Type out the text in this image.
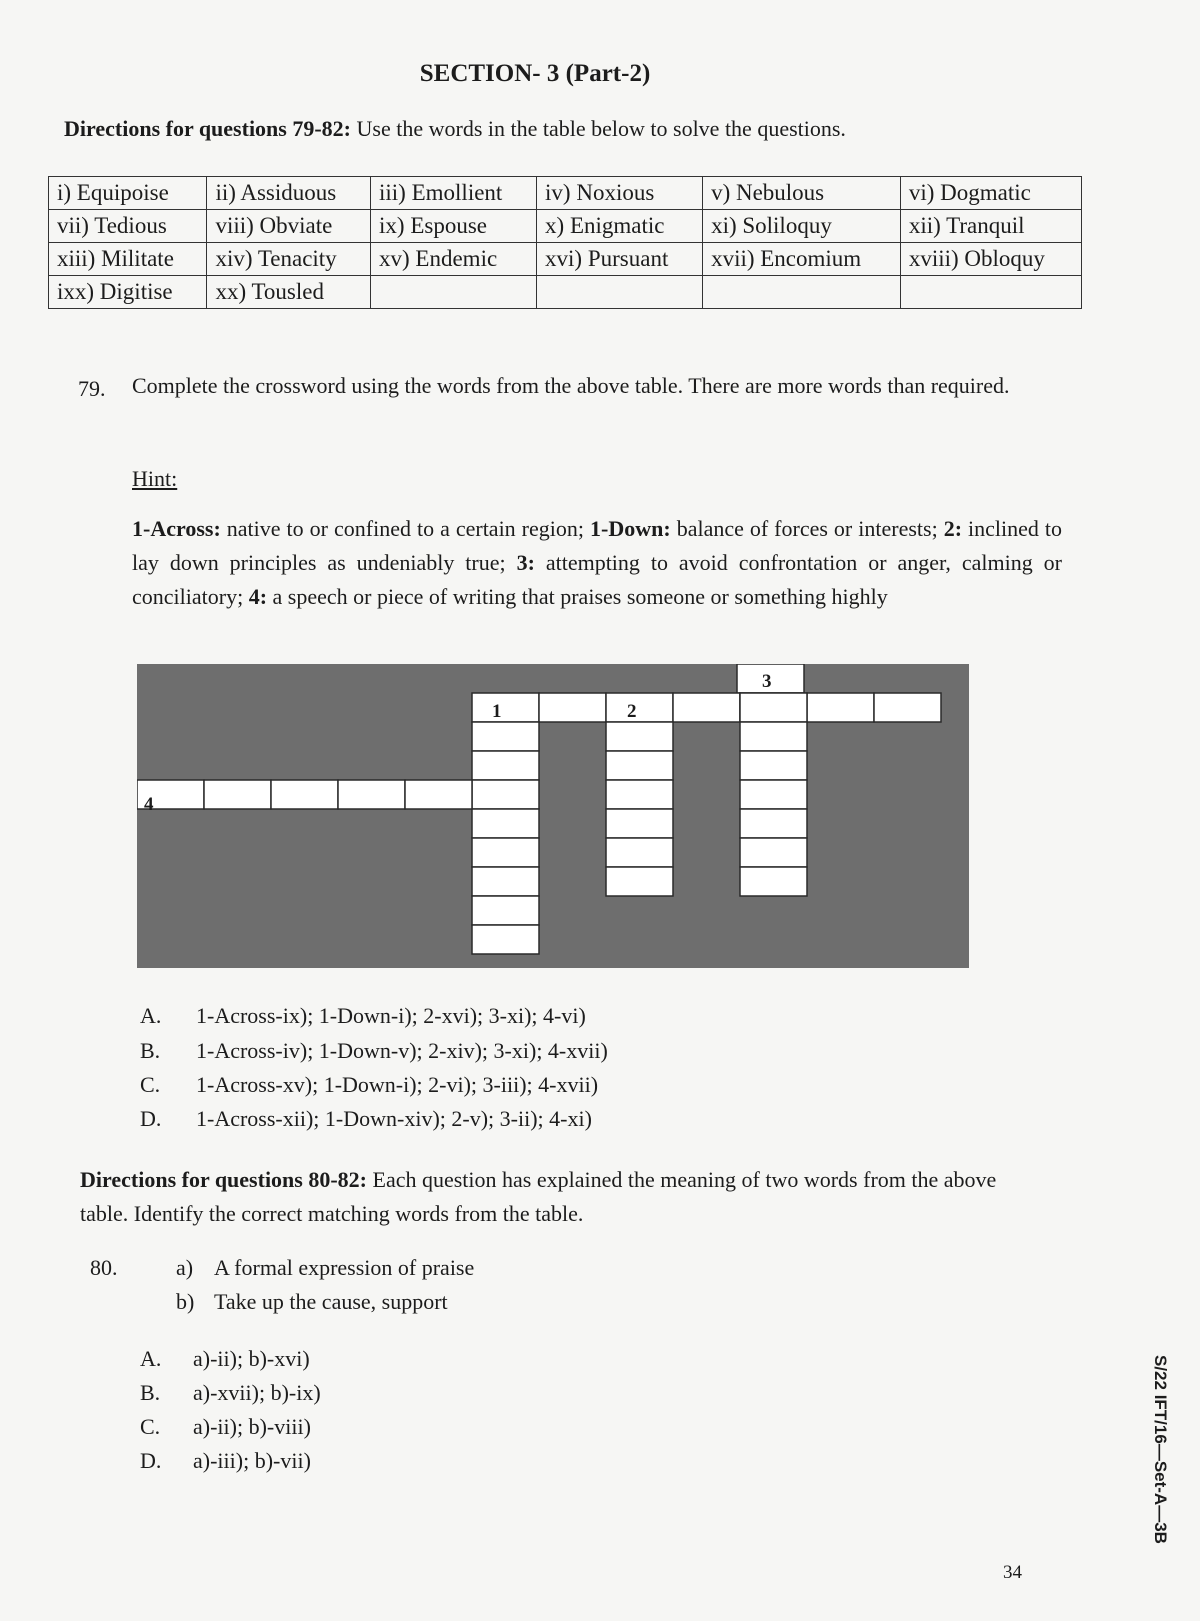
SECTION- 3 (Part-2)
Directions for questions 79-82: Use the words in the table below to solve the questions.
i) Equipoise	ii) Assiduous	iii) Emollient	iv) Noxious	v) Nebulous	vi) Dogmatic
vii) Tedious	viii) Obviate	ix) Espouse	x) Enigmatic	xi) Soliloquy	xii) Tranquil
xiii) Militate	xiv) Tenacity	xv) Endemic	xvi) Pursuant	xvii) Encomium	xviii) Obloquy
ixx) Digitise	xx) Tousled				
79. Complete the crossword using the words from the above table. There are more words than required.
Hint:
1-Across: native to or confined to a certain region; 1-Down: balance of forces or interests; 2: inclined to lay down principles as undeniably true; 3: attempting to avoid confrontation or anger, calming or conciliatory; 4: a speech or piece of writing that praises someone or something highly
3
1	2
4
A.	1-Across-ix); 1-Down-i); 2-xvi); 3-xi); 4-vi)
B.	1-Across-iv); 1-Down-v); 2-xiv); 3-xi); 4-xvii)
C.	1-Across-xv); 1-Down-i); 2-vi); 3-iii); 4-xvii)
D.	1-Across-xii); 1-Down-xiv); 2-v); 3-ii); 4-xi)
Directions for questions 80-82: Each question has explained the meaning of two words from the above table. Identify the correct matching words from the table.
80.	a) A formal expression of praise
b) Take up the cause, support
A.	a)-ii); b)-xvi)
B.	a)-xvii); b)-ix)
C.	a)-ii); b)-viii)
D.	a)-iii); b)-vii)	S/22 IFT/16—Set-A—3B
34
